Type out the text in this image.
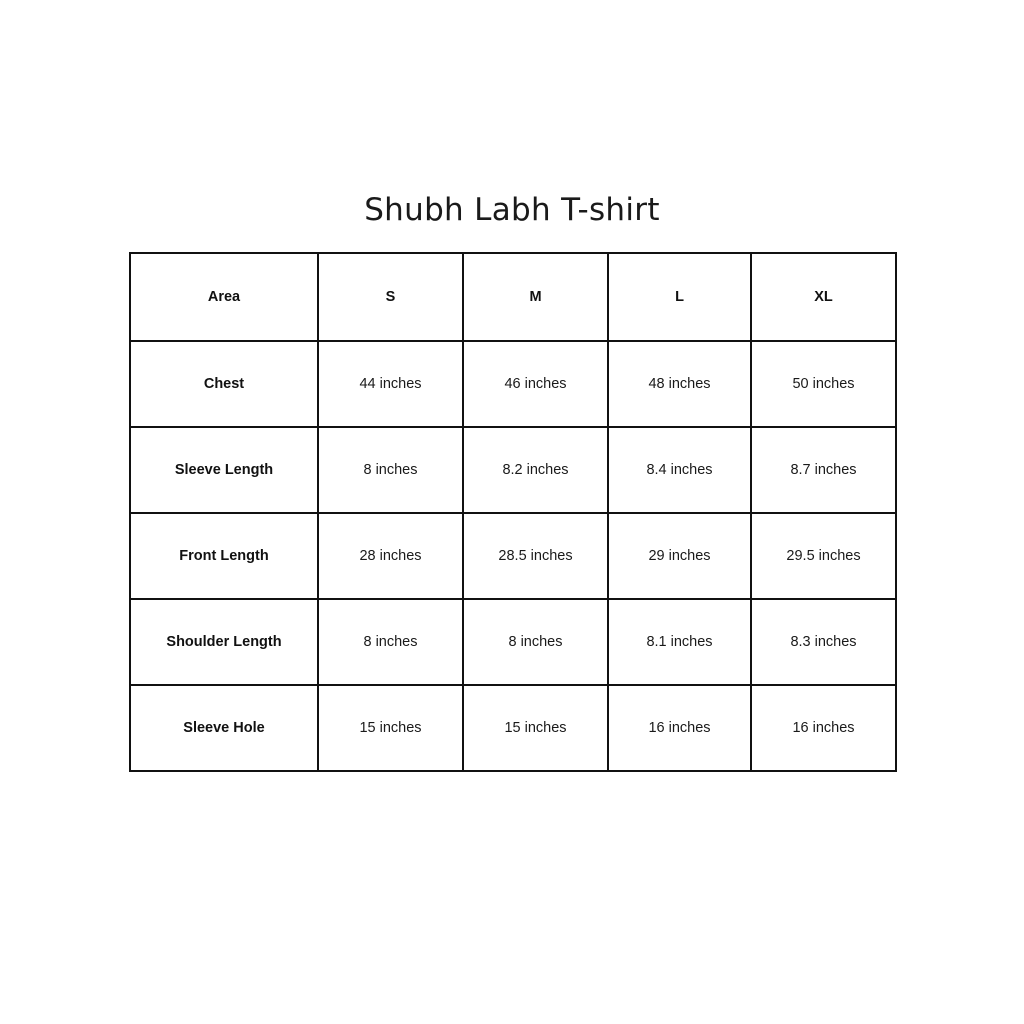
Shubh Labh T-shirt
Area	S	M	L	XL
Chest	44 inches	46 inches	48 inches	50 inches
Sleeve Length	8 inches	8.2 inches	8.4 inches	8.7 inches
Front Length	28 inches	28.5 inches	29 inches	29.5 inches
Shoulder Length	8 inches	8 inches	8.1 inches	8.3 inches
Sleeve Hole	15 inches	15 inches	16 inches	16 inches
